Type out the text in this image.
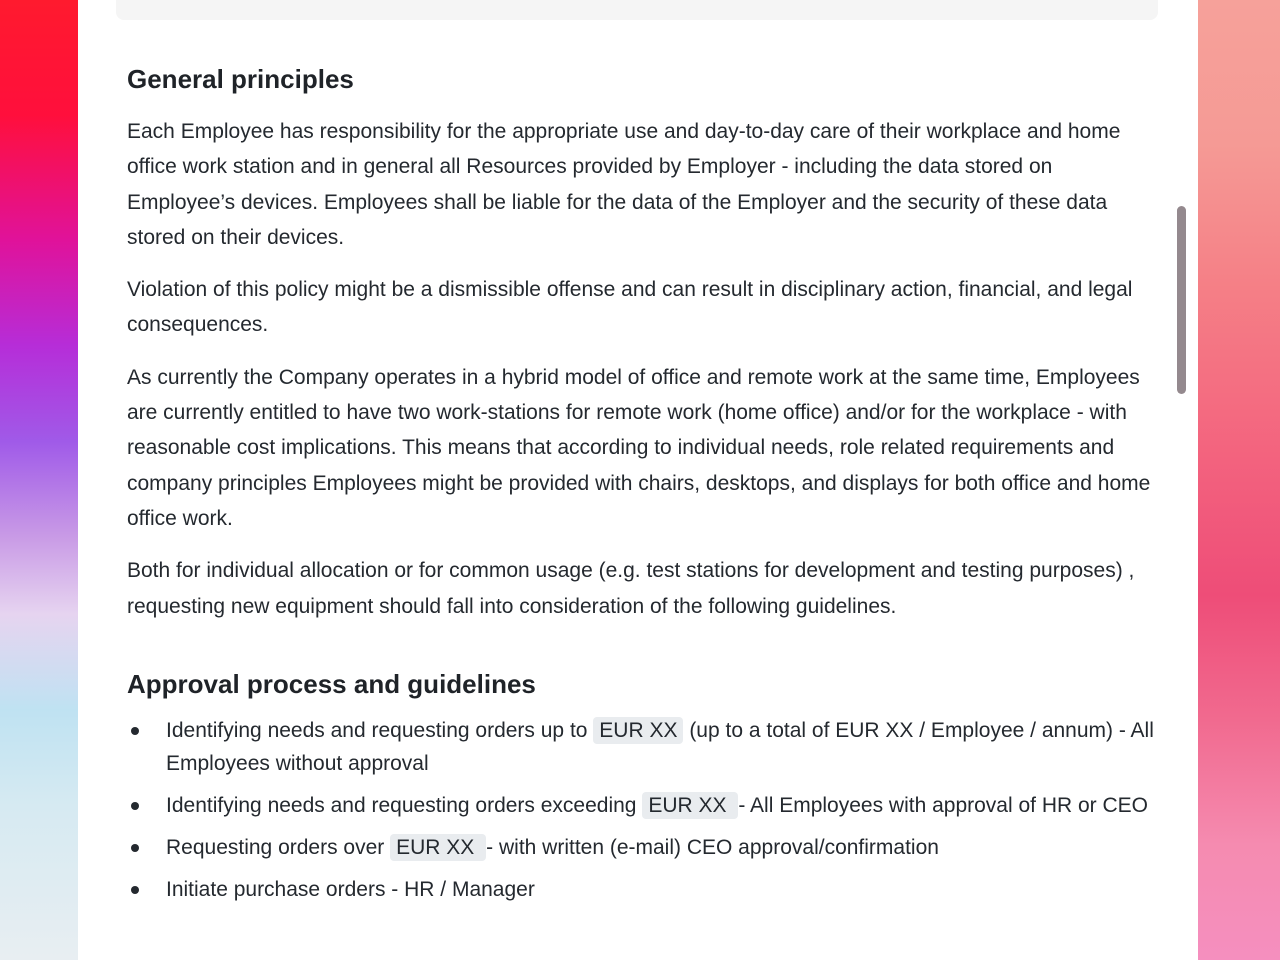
General principles

Each Employee has responsibility for the appropriate use and day-to-day care of their workplace and home office work station and in general all Resources provided by Employer - including the data stored on Employee’s devices. Employees shall be liable for the data of the Employer and the security of these data stored on their devices.

Violation of this policy might be a dismissible offense and can result in disciplinary action, financial, and legal consequences.

As currently the Company operates in a hybrid model of office and remote work at the same time, Employees are currently entitled to have two work-stations for remote work (home office) and/or for the workplace - with reasonable cost implications. This means that according to individual needs, role related requirements and company principles Employees might be provided with chairs, desktops, and displays for both office and home office work.

Both for individual allocation or for common usage (e.g. test stations for development and testing purposes) , requesting new equipment should fall into consideration of the following guidelines.

Approval process and guidelines
Identifying needs and requesting orders up to EUR XX (up to a total of EUR XX / Employee / annum) - All Employees without approval
Identifying needs and requesting orders exceeding EUR XX - All Employees with approval of HR or CEO
Requesting orders over EUR XX - with written (e-mail) CEO approval/confirmation
Initiate purchase orders - HR / Manager
